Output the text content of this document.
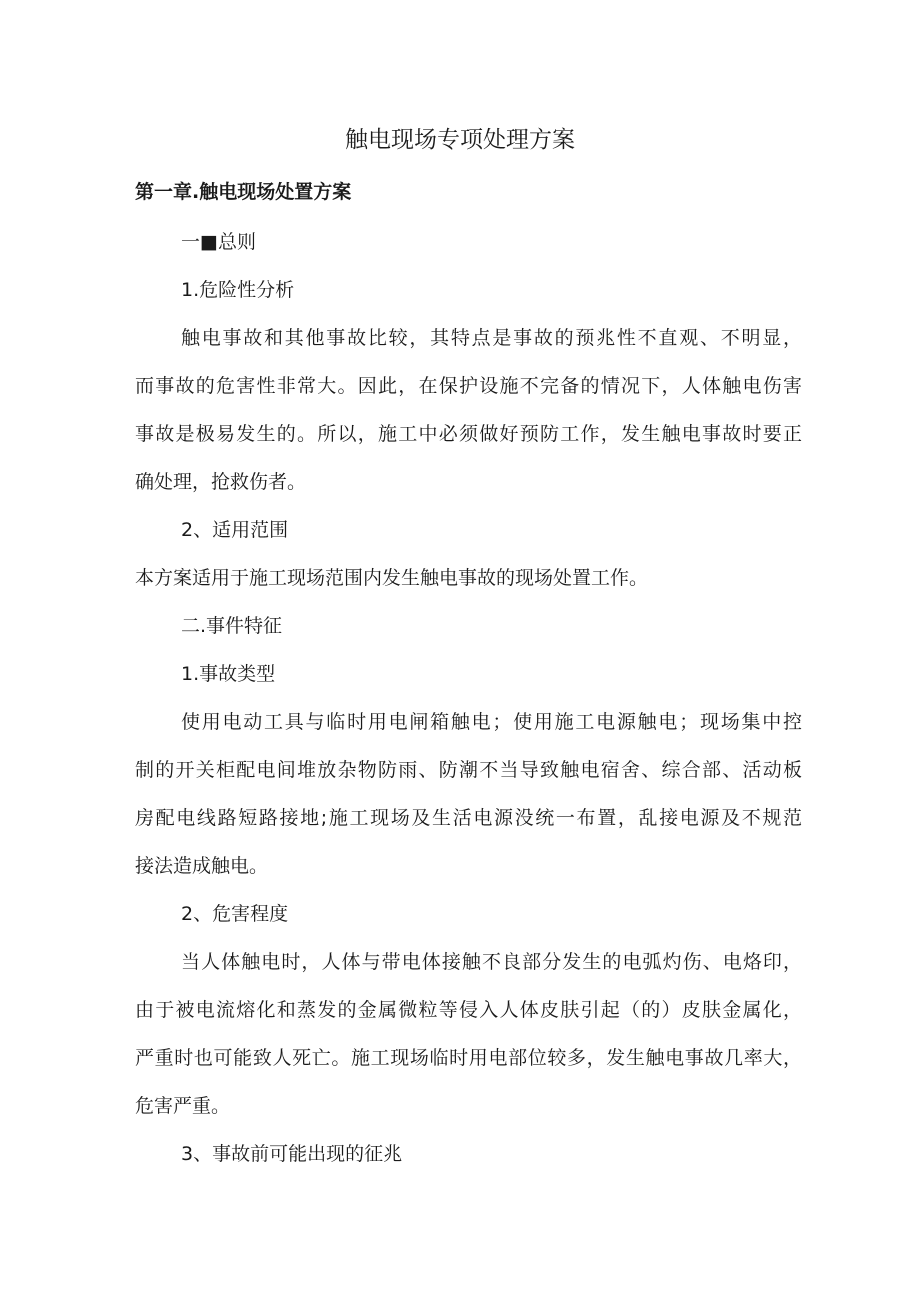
触电现场专项处理方案
第一章.触电现场处置方案

一■总则

1.危险性分析

触电事故和其他事故比较，其特点是事故的预兆性不直观、不明显，

而事故的危害性非常大。因此，在保护设施不完备的情况下，人体触电伤害

事故是极易发生的。所以，施工中必须做好预防工作，发生触电事故时要正

确处理，抢救伤者。

2、适用范围

本方案适用于施工现场范围内发生触电事故的现场处置工作。

二.事件特征

1.事故类型

使用电动工具与临时用电闸箱触电；使用施工电源触电；现场集中控

制的开关柜配电间堆放杂物防雨、防潮不当导致触电宿舍、综合部、活动板

房配电线路短路接地;施工现场及生活电源没统一布置，乱接电源及不规范

接法造成触电。

2、危害程度

当人体触电时，人体与带电体接触不良部分发生的电弧灼伤、电烙印，

由于被电流熔化和蒸发的金属微粒等侵入人体皮肤引起（的）皮肤金属化，

严重时也可能致人死亡。施工现场临时用电部位较多，发生触电事故几率大，

危害严重。

3、事故前可能出现的征兆
